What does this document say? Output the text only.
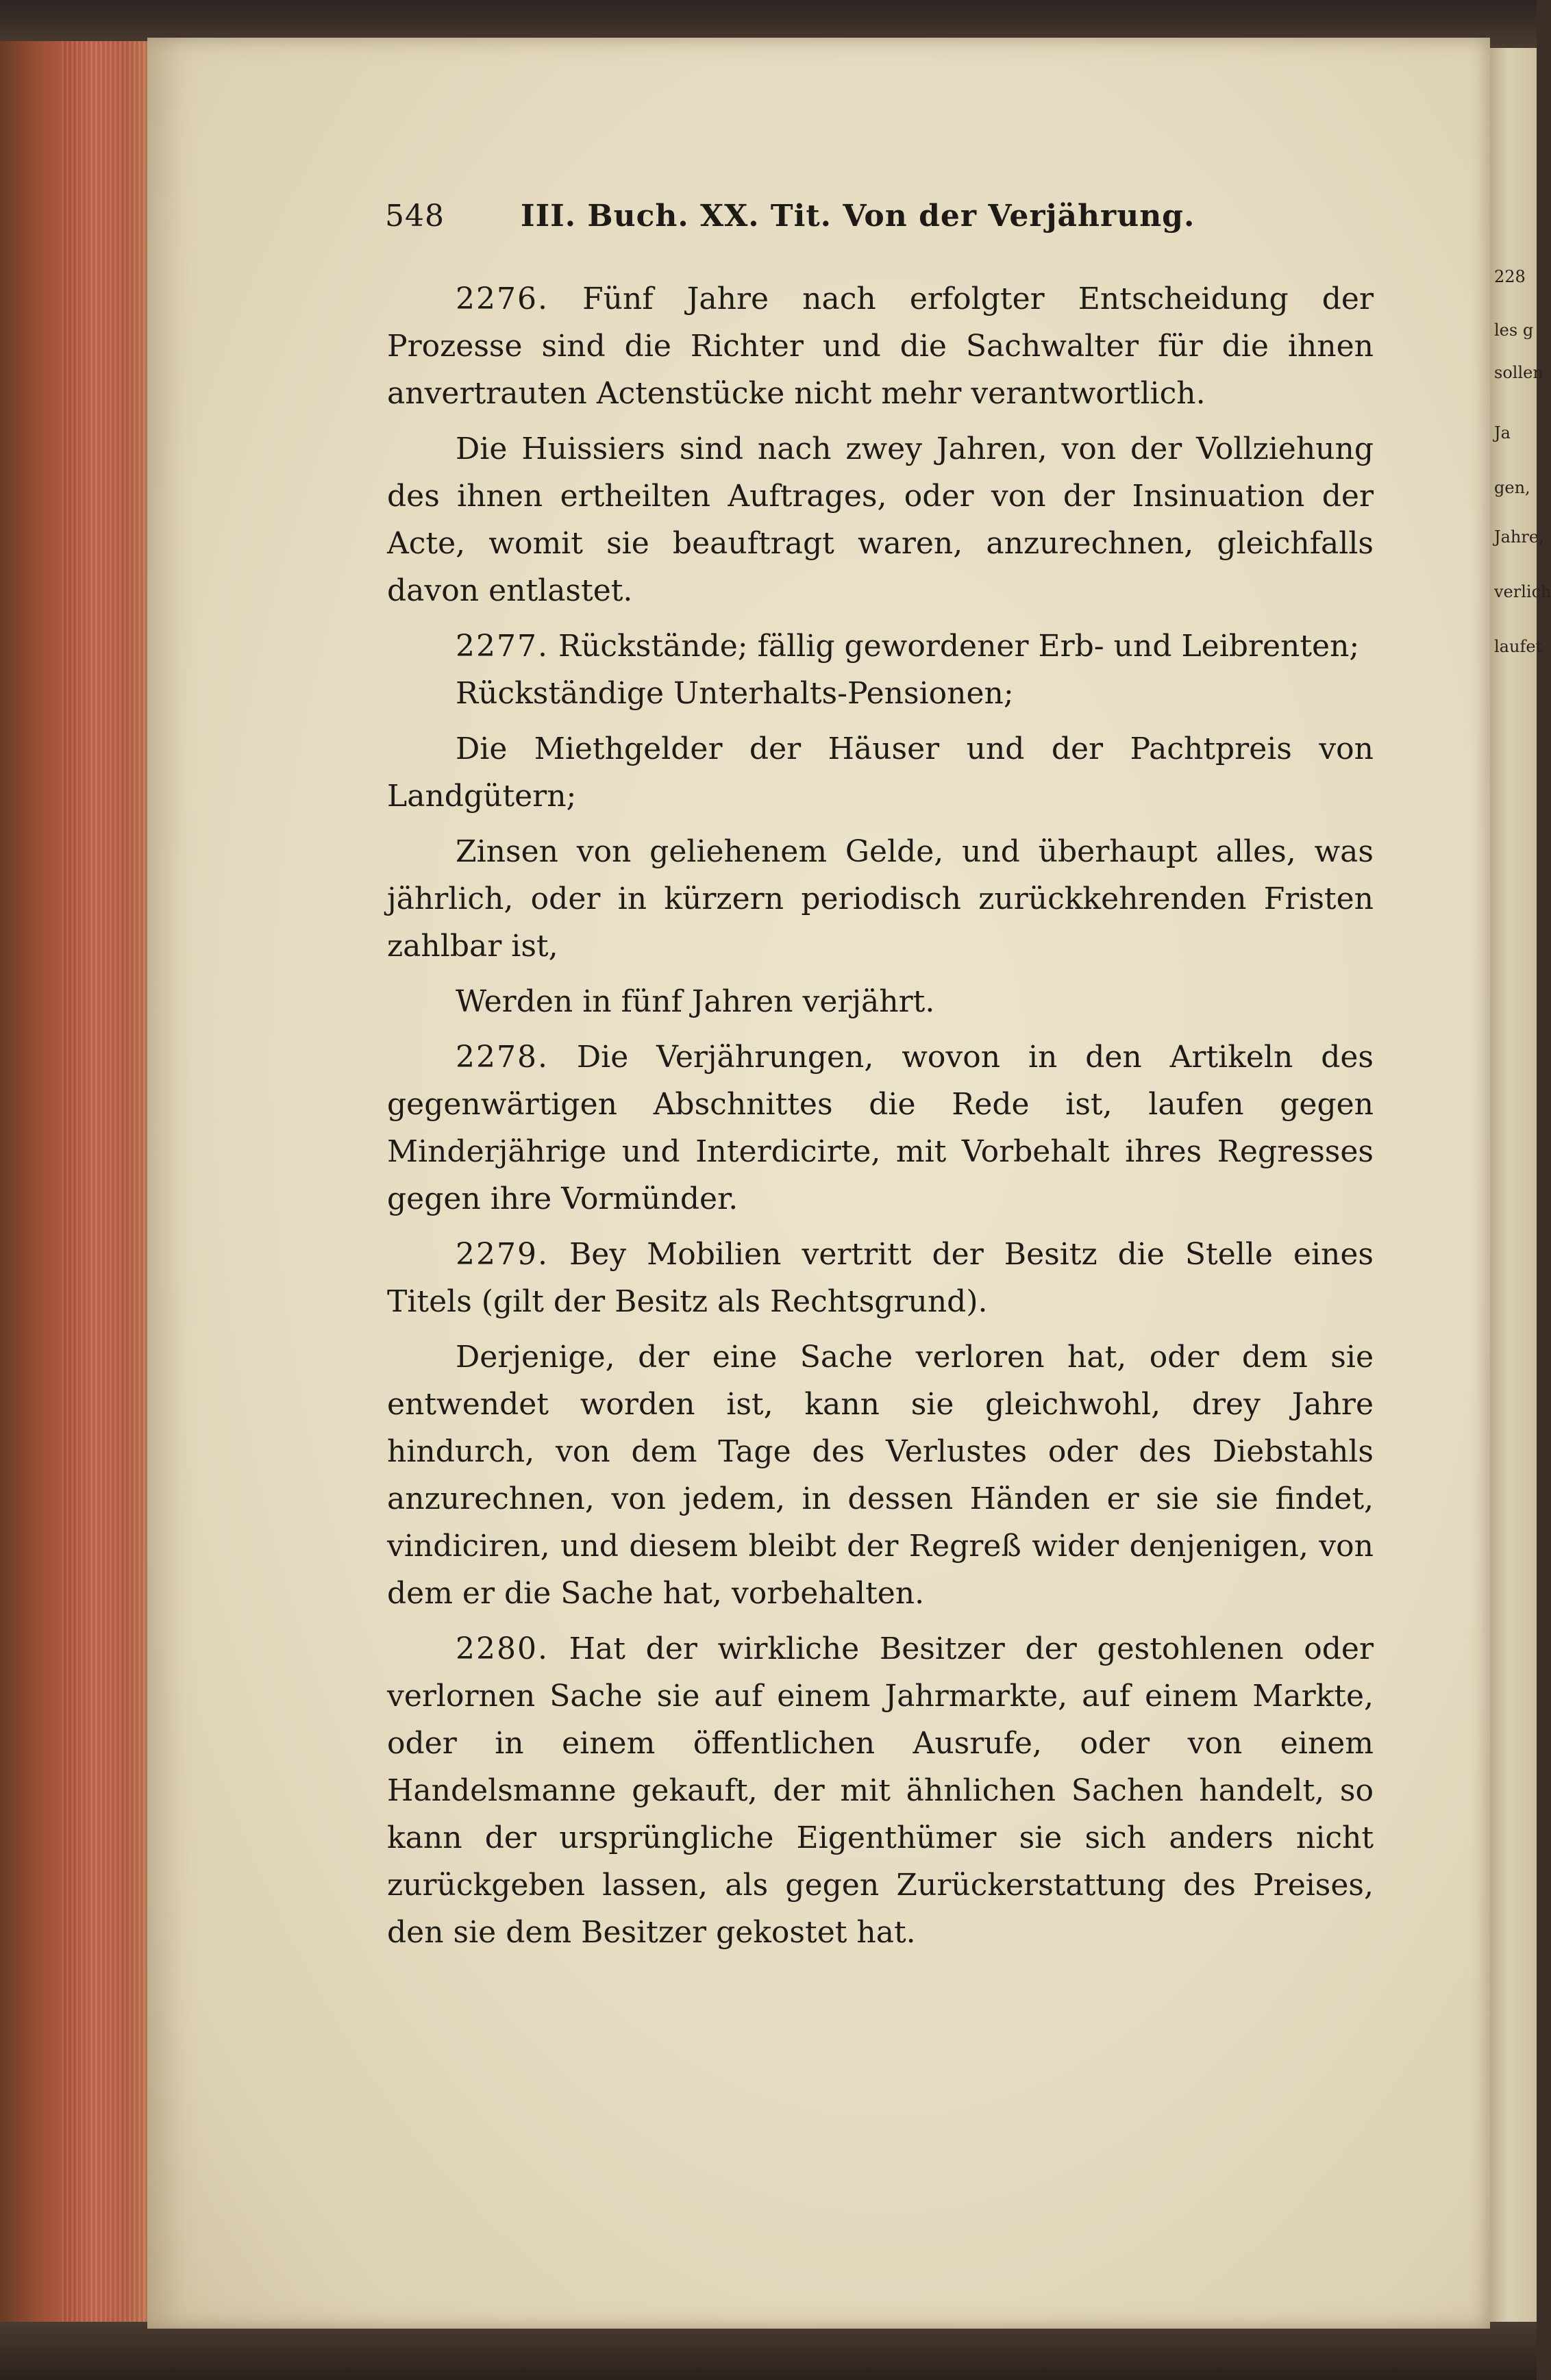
228
les g
sollen
Ja
gen,
Jahre,
verlich
laufet
548	III. Buch. XX. Tit. Von der Verjährung.

2276. Fünf Jahre nach erfolgter Entscheidung der Prozesse sind die Richter und die Sachwalter für die ihnen anvertrauten Actenstücke nicht mehr verantwortlich.

Die Huissiers sind nach zwey Jahren, von der Vollziehung des ihnen ertheilten Auftrages, oder von der Insinuation der Acte, womit sie beauftragt waren, anzurechnen, gleichfalls davon entlastet.

2277. Rückstände; fällig gewordener Erb- und Leibrenten;

Rückständige Unterhalts-Pensionen;

Die Miethgelder der Häuser und der Pachtpreis von Landgütern;

Zinsen von geliehenem Gelde, und überhaupt alles, was jährlich, oder in kürzern periodisch zurückkehrenden Fristen zahlbar ist,

Werden in fünf Jahren verjährt.

2278. Die Verjährungen, wovon in den Artikeln des gegenwärtigen Abschnittes die Rede ist, laufen gegen Minderjährige und Interdicirte, mit Vorbehalt ihres Regresses gegen ihre Vormünder.

2279. Bey Mobilien vertritt der Besitz die Stelle eines Titels (gilt der Besitz als Rechtsgrund).

Derjenige, der eine Sache verloren hat, oder dem sie entwendet worden ist, kann sie gleichwohl, drey Jahre hindurch, von dem Tage des Verlustes oder des Diebstahls anzurechnen, von jedem, in dessen Händen er sie sie findet, vindiciren, und diesem bleibt der Regreß wider denjenigen, von dem er die Sache hat, vorbehalten.

2280. Hat der wirkliche Besitzer der gestohlenen oder verlornen Sache sie auf einem Jahrmarkte, auf einem Markte, oder in einem öffentlichen Ausrufe, oder von einem Handelsmanne gekauft, der mit ähnlichen Sachen handelt, so kann der ursprüngliche Eigenthümer sie sich anders nicht zurückgeben lassen, als gegen Zurückerstattung des Preises, den sie dem Besitzer gekostet hat.
